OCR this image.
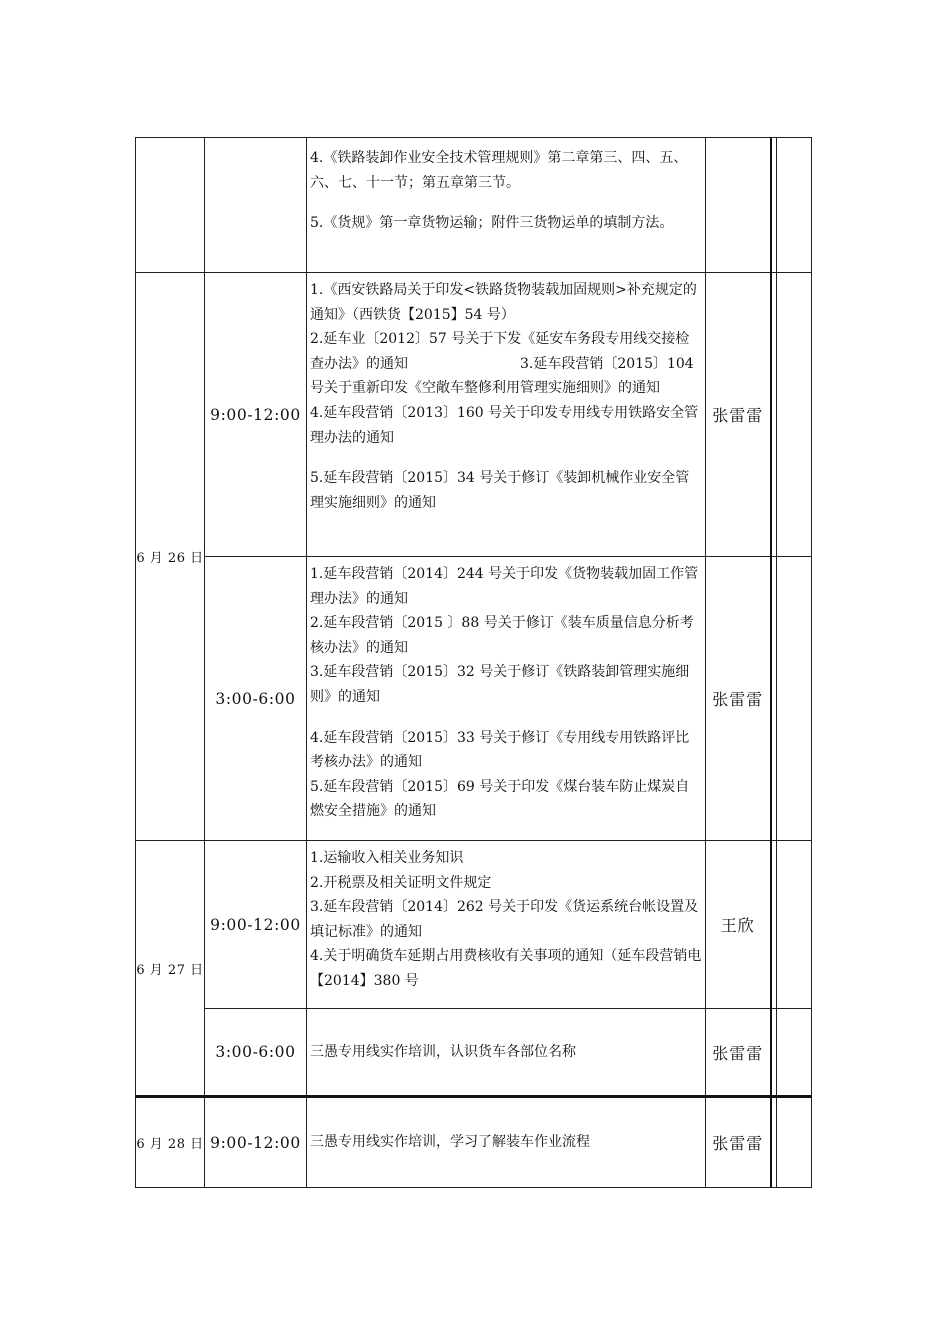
		4.《铁路装卸作业安全技术管理规则》第二章第三、四、五、六、七、十一节；第五章第三节。
5.《货规》第一章货物运输；附件三货物运单的填制方法。			

6 月 26 日	9:00-12:00	1.《西安铁路局关于印发<铁路货物装载加固规则>补充规定的通知》（西铁货【2015】54 号）
2.延车业〔2012〕57 号关于下发《延安车务段专用线交接检查办法》的通知　　　　　　　　3.延车段营销〔2015〕104 号关于重新印发《空敞车整修利用管理实施细则》的通知
4.延车段营销〔2013〕160 号关于印发专用线专用铁路安全管理办法的通知
5.延车段营销〔2015〕34 号关于修订《装卸机械作业安全管理实施细则》的通知	张雷雷		
	3:00-6:00	1.延车段营销〔2014〕244 号关于印发《货物装载加固工作管理办法》的通知
2.延车段营销〔2015 〕88 号关于修订《装车质量信息分析考核办法》的通知
3.延车段营销〔2015〕32 号关于修订《铁路装卸管理实施细则》的通知
4.延车段营销〔2015〕33 号关于修订《专用线专用铁路评比考核办法》的通知
5.延车段营销〔2015〕69 号关于印发《煤台装车防止煤炭自燃安全措施》的通知	张雷雷		
6 月 27 日	9:00-12:00	1.运输收入相关业务知识
2.开税票及相关证明文件规定
3.延车段营销〔2014〕262 号关于印发《货运系统台帐设置及填记标准》的通知
4.关于明确货车延期占用费核收有关事项的通知（延车段营销电【2014】380 号	王欣		
	3:00-6:00	三愚专用线实作培训，认识货车各部位名称	张雷雷		
6 月 28 日	9:00-12:00	三愚专用线实作培训，学习了解装车作业流程	张雷雷		
